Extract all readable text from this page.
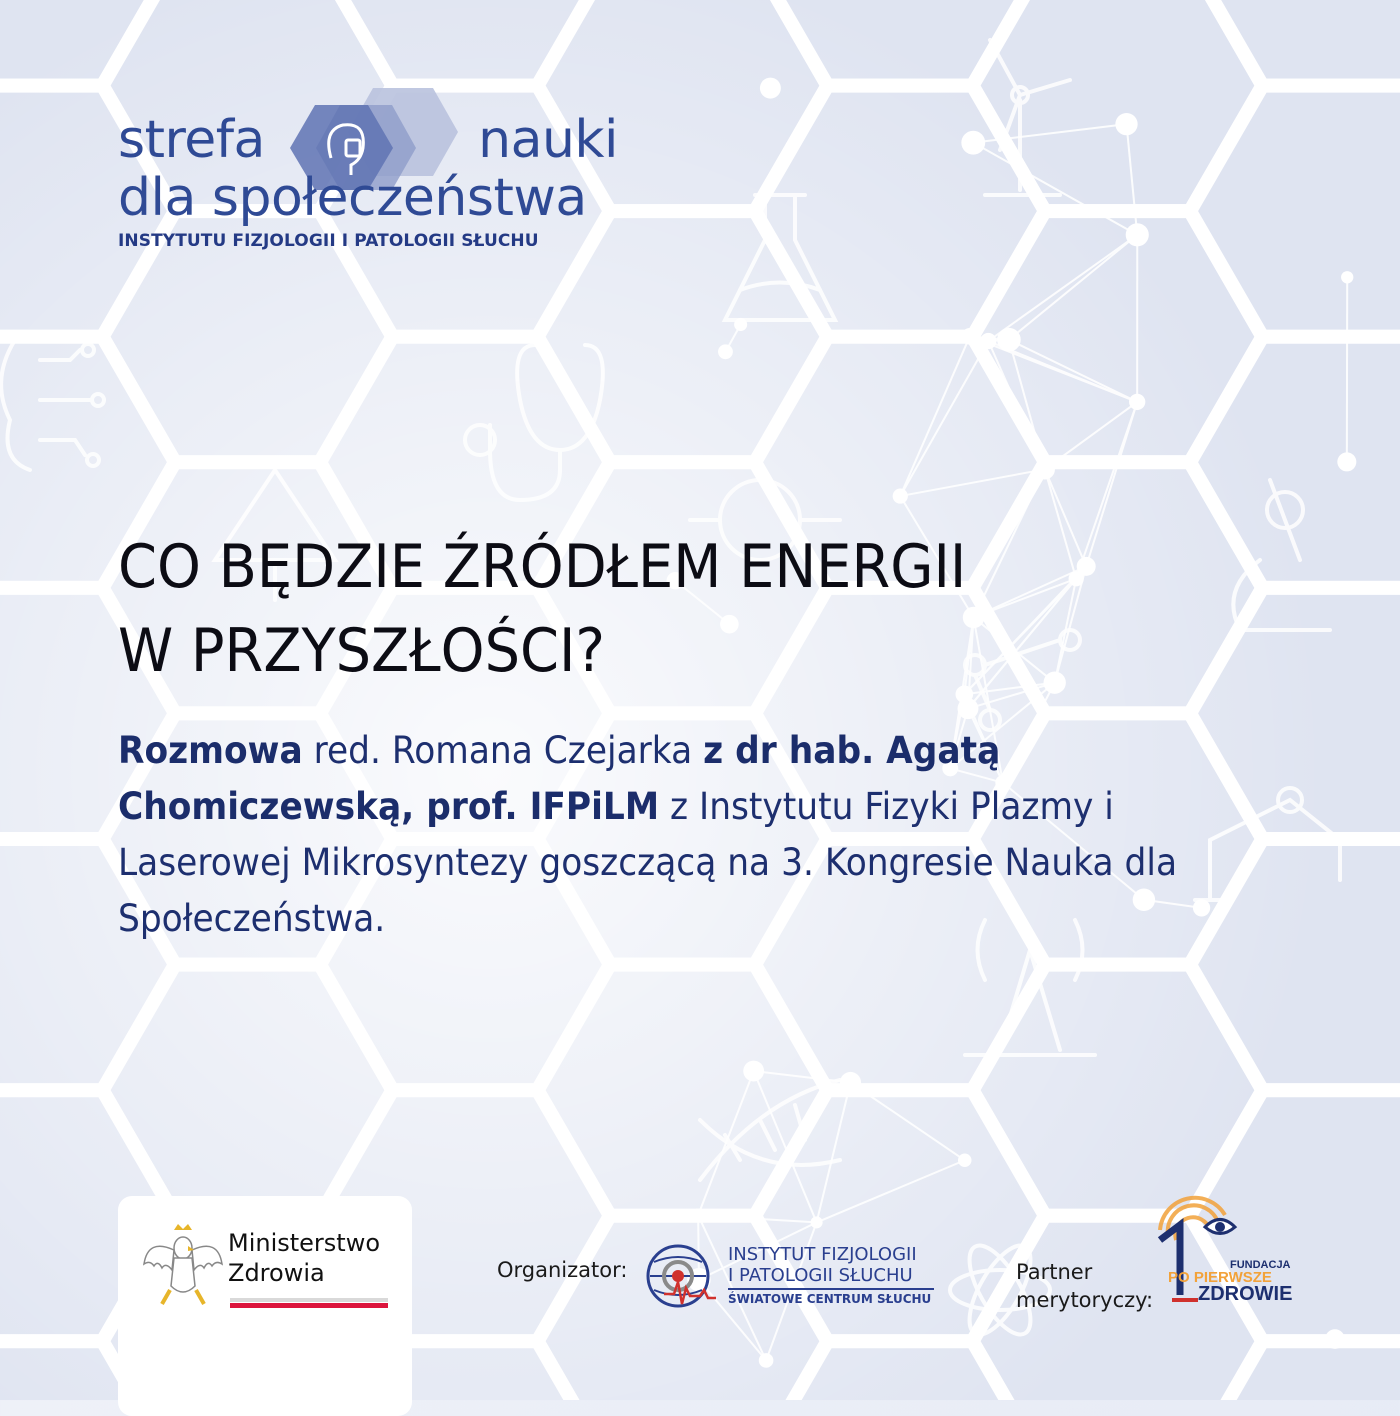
strefa	nauki
dla społeczeństwa
INSTYTUTU FIZJOLOGII I PATOLOGII SŁUCHU
CO BĘDZIE ŹRÓDŁEM ENERGII
W PRZYSZŁOŚCI?
Rozmowa red. Romana Czejarka z dr hab. Agatą Chomiczewską, prof. IFPiLM z Instytutu Fizyki Plazmy i Laserowej Mikrosyntezy goszczącą na 3. Kongresie Nauka dla Społeczeństwa.
Ministerstwo
Zdrowia	Organizator:
INSTYTUT FIZJOLOGII
I PATOLOGII SŁUCHU
ŚWIATOWE CENTRUM SŁUCHU
Partner
merytoryczy:
FUNDACJA
PO PIERWSZE
ZDROWIE
